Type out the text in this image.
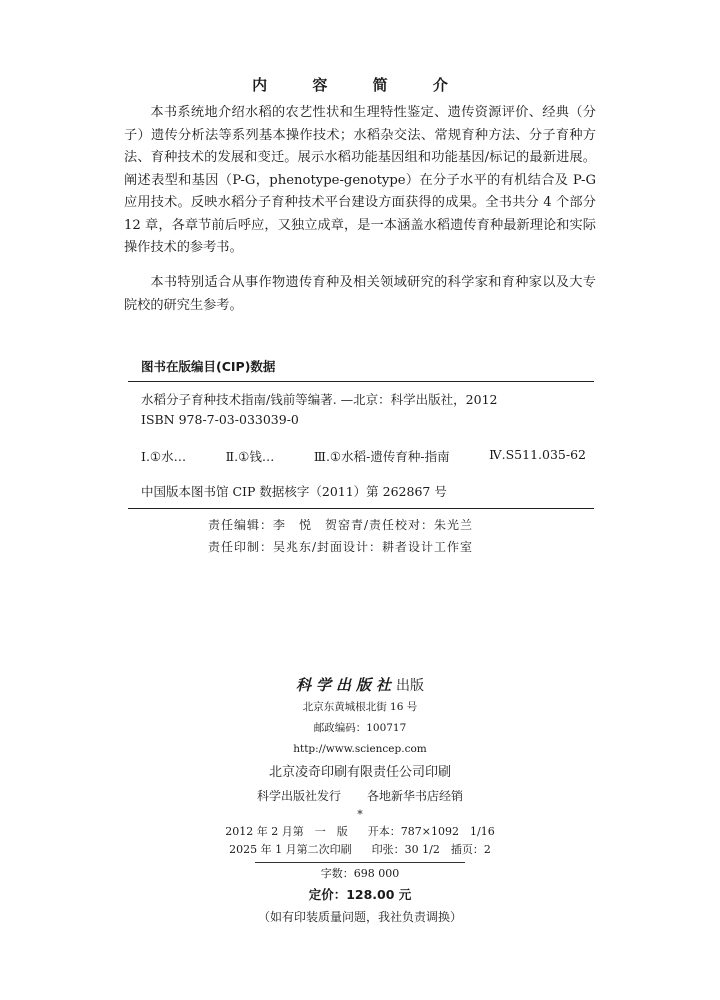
内 容 简 介

本书系统地介绍水稻的农艺性状和生理特性鉴定、遗传资源评价、经典（分子）遗传分析法等系列基本操作技术；水稻杂交法、常规育种方法、分子育种方法、育种技术的发展和变迁。展示水稻功能基因组和功能基因/标记的最新进展。阐述表型和基因（P-G，phenotype-genotype）在分子水平的有机结合及 P-G 应用技术。反映水稻分子育种技术平台建设方面获得的成果。全书共分 4 个部分 12 章，各章节前后呼应，又独立成章，是一本涵盖水稻遗传育种最新理论和实际操作技术的参考书。

本书特别适合从事作物遗传育种及相关领域研究的科学家和育种家以及大专院校的研究生参考。

图书在版编目(CIP)数据
水稻分子育种技术指南/钱前等编著. —北京：科学出版社，2012
ISBN 978-7-03-033039-0
Ⅰ.①水…	Ⅱ.①钱…	Ⅲ.①水稻-遗传育种-指南	Ⅳ.S511.035-62
中国版本图书馆 CIP 数据核字（2011）第 262867 号
责任编辑：李　悦　贺窑青/责任校对：朱光兰
责任印制：吴兆东/封面设计：耕者设计工作室
科学出版社出版
北京东黄城根北街 16 号
邮政编码：100717
http://www.sciencep.com
北京凌奇印刷有限责任公司印刷
科学出版社发行 各地新华书店经销
*
2012 年 2 月第　一　版 开本：787×1092　1/16
2025 年 1 月第二次印刷 印张：30 1/2　插页：2
字数：698 000
定价：128.00 元
（如有印装质量问题，我社负责调换）
